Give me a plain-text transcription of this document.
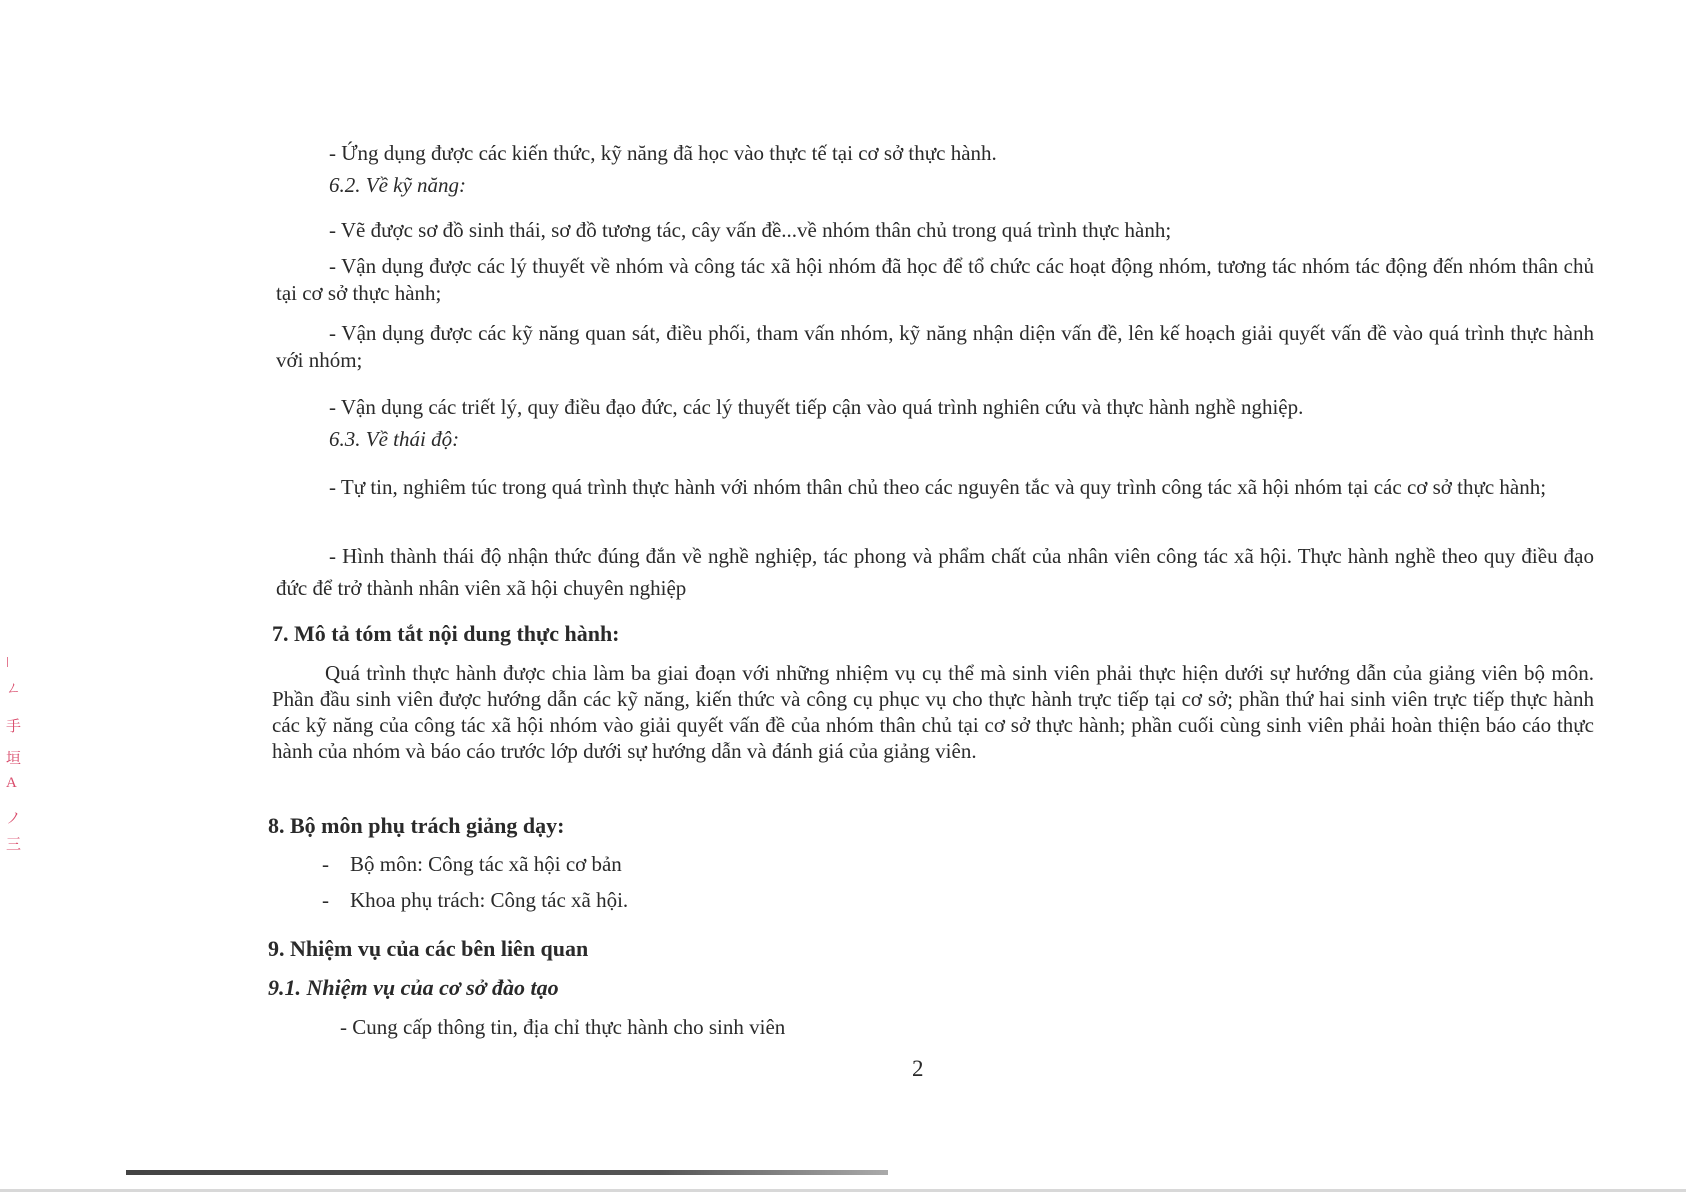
- Ứng dụng được các kiến thức, kỹ năng đã học vào thực tế tại cơ sở thực hành.
6.2. Về kỹ năng:
- Vẽ được sơ đồ sinh thái, sơ đồ tương tác, cây vấn đề...về nhóm thân chủ trong quá trình thực hành;
- Vận dụng được các lý thuyết về nhóm và công tác xã hội nhóm đã học để tổ chức các hoạt động nhóm, tương tác nhóm tác động đến nhóm thân chủ tại cơ sở thực hành;
- Vận dụng được các kỹ năng quan sát, điều phối, tham vấn nhóm, kỹ năng nhận diện vấn đề, lên kế hoạch giải quyết vấn đề vào quá trình thực hành với nhóm;
- Vận dụng các triết lý, quy điều đạo đức, các lý thuyết tiếp cận vào quá trình nghiên cứu và thực hành nghề nghiệp.
6.3. Về thái độ:
- Tự tin, nghiêm túc trong quá trình thực hành với nhóm thân chủ theo các nguyên tắc và quy trình công tác xã hội nhóm tại các cơ sở thực hành;
- Hình thành thái độ nhận thức đúng đắn về nghề nghiệp, tác phong và phẩm chất của nhân viên công tác xã hội. Thực hành nghề theo quy điều đạo đức để trở thành nhân viên xã hội chuyên nghiệp
7. Mô tả tóm tắt nội dung thực hành:
Quá trình thực hành được chia làm ba giai đoạn với những nhiệm vụ cụ thể mà sinh viên phải thực hiện dưới sự hướng dẫn của giảng viên bộ môn. Phần đầu sinh viên được hướng dẫn các kỹ năng, kiến thức và công cụ phục vụ cho thực hành trực tiếp tại cơ sở; phần thứ hai sinh viên trực tiếp thực hành các kỹ năng của công tác xã hội nhóm vào giải quyết vấn đề của nhóm thân chủ tại cơ sở thực hành; phần cuối cùng sinh viên phải hoàn thiện báo cáo thực hành của nhóm và báo cáo trước lớp dưới sự hướng dẫn và đánh giá của giảng viên.
8. Bộ môn phụ trách giảng dạy:
- Bộ môn: Công tác xã hội cơ bản
- Khoa phụ trách: Công tác xã hội.
9. Nhiệm vụ của các bên liên quan
9.1. Nhiệm vụ của cơ sở đào tạo
- Cung cấp thông tin, địa chỉ thực hành cho sinh viên
2
ǀ
ㄥ
手
垣
A
ノ
三
